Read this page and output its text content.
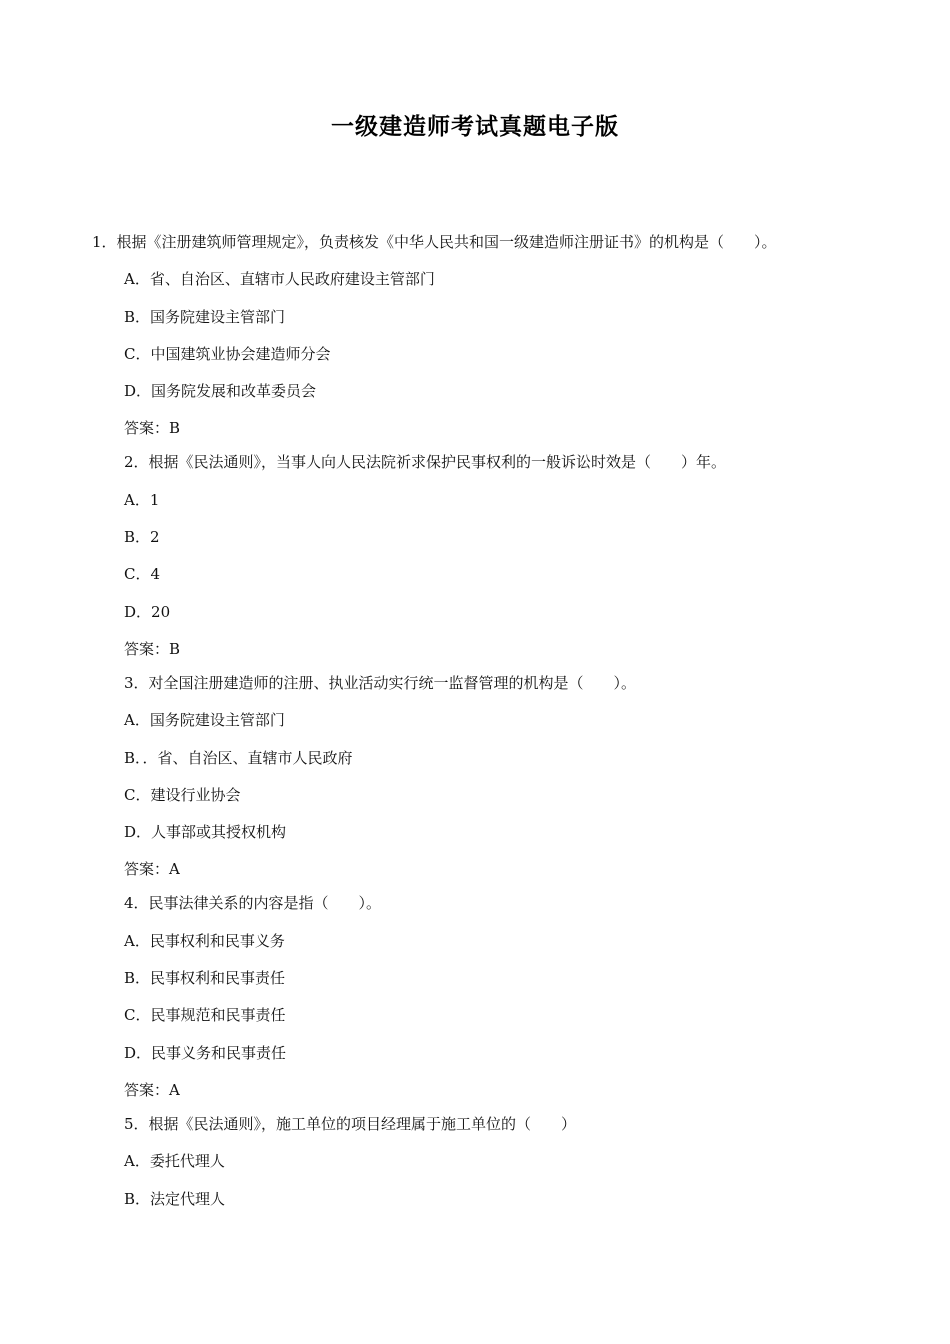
一级建造师考试真题电子版
1．根据《注册建筑师管理规定》，负责核发《中华人民共和国一级建造师注册证书》的机构是（　　）。
A．省、自治区、直辖市人民政府建设主管部门
B．国务院建设主管部门
C．中国建筑业协会建造师分会
D．国务院发展和改革委员会
答案：B
2．根据《民法通则》，当事人向人民法院祈求保护民事权利的一般诉讼时效是（　　）年。
A．1
B．2
C．4
D．20
答案：B
3．对全国注册建造师的注册、执业活动实行统一监督管理的机构是（　　）。
A．国务院建设主管部门
B．．省、自治区、直辖市人民政府
C．建设行业协会
D．人事部或其授权机构
答案：A
4．民事法律关系的内容是指（　　）。
A．民事权利和民事义务
B．民事权利和民事责任
C．民事规范和民事责任
D．民事义务和民事责任
答案：A
5．根据《民法通则》，施工单位的项目经理属于施工单位的（　　）
A．委托代理人
B．法定代理人
